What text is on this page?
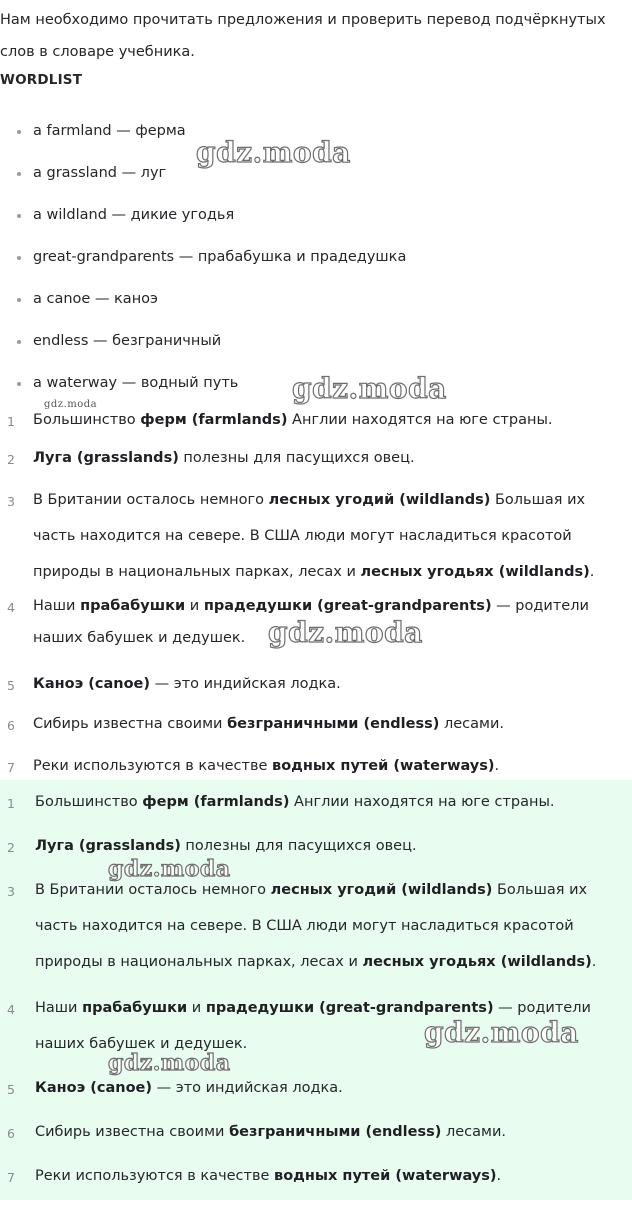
Нам необходимо прочитать предложения и проверить перевод подчёркнутых слов в словаре учебника.

WORDLIST

a farmland — ферма
a grassland — луг
a wildland — дикие угодья
great-grandparents — прабабушка и прадедушка
a canoe — каноэ
endless — безграничный
a waterway — водный путь
1	Большинство ферм (farmlands) Англии находятся на юге страны.
2	Луга (grasslands) полезны для пасущихся овец.
3	В Британии осталось немного лесных угодий (wildlands) Большая их часть находится на севере. В США люди могут насладиться красотой природы в национальных парках, лесах и лесных угодьях (wildlands).
4	Наши прабабушки и прадедушки (great-grandparents) — родители наших бабушек и дедушек.
5	Каноэ (canoe) — это индийская лодка.
6	Сибирь известна своими безграничными (endless) лесами.
7	Реки используются в качестве водных путей (waterways).
1	Большинство ферм (farmlands) Англии находятся на юге страны.
2	Луга (grasslands) полезны для пасущихся овец.
3	В Британии осталось немного лесных угодий (wildlands) Большая их часть находится на севере. В США люди могут насладиться красотой природы в национальных парках, лесах и лесных угодьях (wildlands).
4	Наши прабабушки и прадедушки (great-grandparents) — родители наших бабушек и дедушек.
5	Каноэ (canoe) — это индийская лодка.
6	Сибирь известна своими безграничными (endless) лесами.
7	Реки используются в качестве водных путей (waterways).
gdz.moda
gdz.moda
gdz.moda
gdz.moda
gdz.moda
gdz.moda
gdz.moda
